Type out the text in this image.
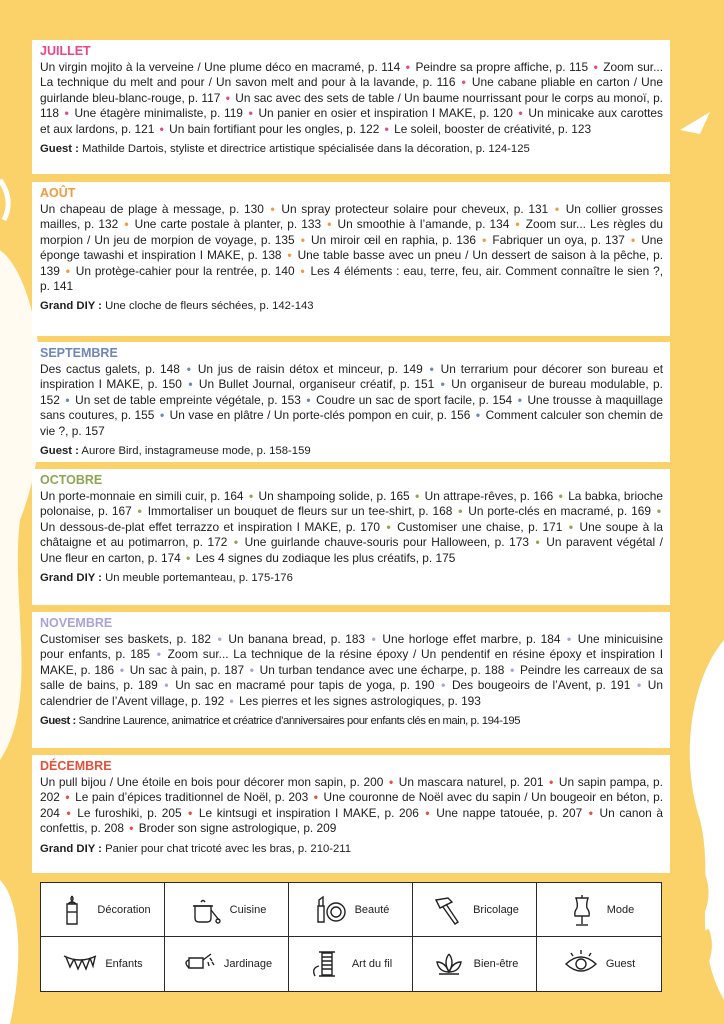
JUILLET
Un virgin mojito à la verveine / Une plume déco en macramé, p. 114 • Peindre sa propre affiche, p. 115 • Zoom sur... La technique du melt and pour / Un savon melt and pour à la lavande, p. 116 • Une cabane pliable en carton / Une guirlande bleu-blanc-rouge, p. 117 • Un sac avec des sets de table / Un baume nourrissant pour le corps au monoï, p. 118 • Une étagère minimaliste, p. 119 • Un panier en osier et inspiration I MAKE, p. 120 • Un minicake aux carottes et aux lardons, p. 121 • Un bain fortifiant pour les ongles, p. 122 • Le soleil, booster de créativité, p. 123
Guest : Mathilde Dartois, styliste et directrice artistique spécialisée dans la décoration, p. 124-125
AOÛT
Un chapeau de plage à message, p. 130 • Un spray protecteur solaire pour cheveux, p. 131 • Un collier grosses mailles, p. 132 • Une carte postale à planter, p. 133 • Un smoothie à l’amande, p. 134 • Zoom sur... Les règles du morpion / Un jeu de morpion de voyage, p. 135 • Un miroir œil en raphia, p. 136 • Fabriquer un oya, p. 137 • Une éponge tawashi et inspiration I MAKE, p. 138 • Une table basse avec un pneu / Un dessert de saison à la pêche, p. 139 • Un protège-cahier pour la rentrée, p. 140 • Les 4 éléments : eau, terre, feu, air. Comment connaître le sien ?, p. 141
Grand DIY : Une cloche de fleurs séchées, p. 142-143
SEPTEMBRE
Des cactus galets, p. 148 • Un jus de raisin détox et minceur, p. 149 • Un terrarium pour décorer son bureau et inspiration I MAKE, p. 150 • Un Bullet Journal, organiseur créatif, p. 151 • Un organiseur de bureau modulable, p. 152 • Un set de table empreinte végétale, p. 153 • Coudre un sac de sport facile, p. 154 • Une trousse à maquillage sans coutures, p. 155 • Un vase en plâtre / Un porte-clés pompon en cuir, p. 156 • Comment calculer son chemin de vie ?, p. 157
Guest : Aurore Bird, instagrameuse mode, p. 158-159
OCTOBRE
Un porte-monnaie en simili cuir, p. 164 • Un shampoing solide, p. 165 • Un attrape-rêves, p. 166 • La babka, brioche polonaise, p. 167 • Immortaliser un bouquet de fleurs sur un tee-shirt, p. 168 • Un porte-clés en macramé, p. 169 • Un dessous-de-plat effet terrazzo et inspiration I MAKE, p. 170 • Customiser une chaise, p. 171 • Une soupe à la châtaigne et au potimarron, p. 172 • Une guirlande chauve-souris pour Halloween, p. 173 • Un paravent végétal / Une fleur en carton, p. 174 • Les 4 signes du zodiaque les plus créatifs, p. 175
Grand DIY : Un meuble portemanteau, p. 175-176
NOVEMBRE
Customiser ses baskets, p. 182 • Un banana bread, p. 183 • Une horloge effet marbre, p. 184 • Une minicuisine pour enfants, p. 185 • Zoom sur... La technique de la résine époxy / Un pendentif en résine époxy et inspiration I MAKE, p. 186 • Un sac à pain, p. 187 • Un turban tendance avec une écharpe, p. 188 • Peindre les carreaux de sa salle de bains, p. 189 • Un sac en macramé pour tapis de yoga, p. 190 • Des bougeoirs de l’Avent, p. 191 • Un calendrier de l’Avent village, p. 192 • Les pierres et les signes astrologiques, p. 193
Guest : Sandrine Laurence, animatrice et créatrice d’anniversaires pour enfants clés en main, p. 194-195
DÉCEMBRE
Un pull bijou / Une étoile en bois pour décorer mon sapin, p. 200 • Un mascara naturel, p. 201 • Un sapin pampa, p. 202 • Le pain d’épices traditionnel de Noël, p. 203 • Une couronne de Noël avec du sapin / Un bougeoir en béton, p. 204 • Le furoshiki, p. 205 • Le kintsugi et inspiration I MAKE, p. 206 • Une nappe tatouée, p. 207 • Un canon à confettis, p. 208 • Broder son signe astrologique, p. 209
Grand DIY : Panier pour chat tricoté avec les bras, p. 210-211
Décoration	Cuisine	Beauté	Bricolage	Mode
Enfants	Jardinage	Art du fil	Bien-être	Guest
